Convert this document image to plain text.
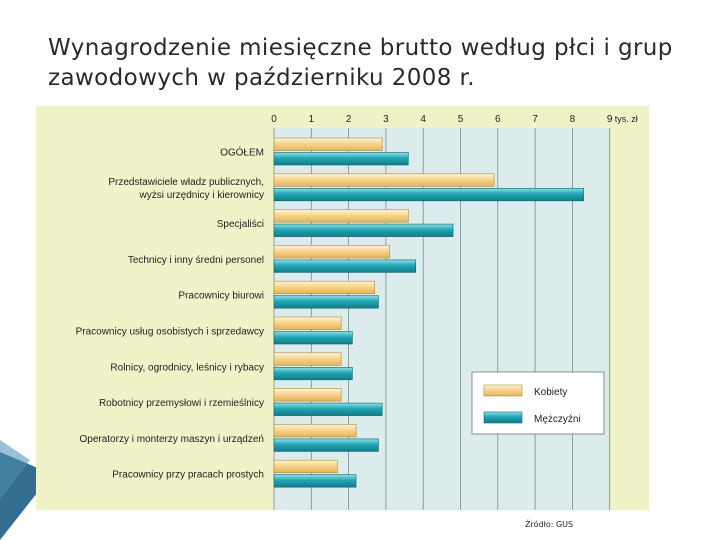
Wynagrodzenie miesięczne brutto według płci i grup zawodowych w październiku 2008 r.
0	1	2	3	4	5	6	7	8	9 tys. zł
OGÓŁEM
Przedstawiciele władz publicznych, wyżsi urzędnicy i kierownicy
Specjaliści
Technicy i inny średni personel
Pracownicy biurowi
Pracownicy usług osobistych i sprzedawcy
Rolnicy, ogrodnicy, leśnicy i rybacy
Robotnicy przemysłowi i rzemieślnicy
Operatorzy i monterzy maszyn i urządzeń
Pracownicy przy pracach prostych
Kobiety
Mężczyźni
Źródło: GUS
